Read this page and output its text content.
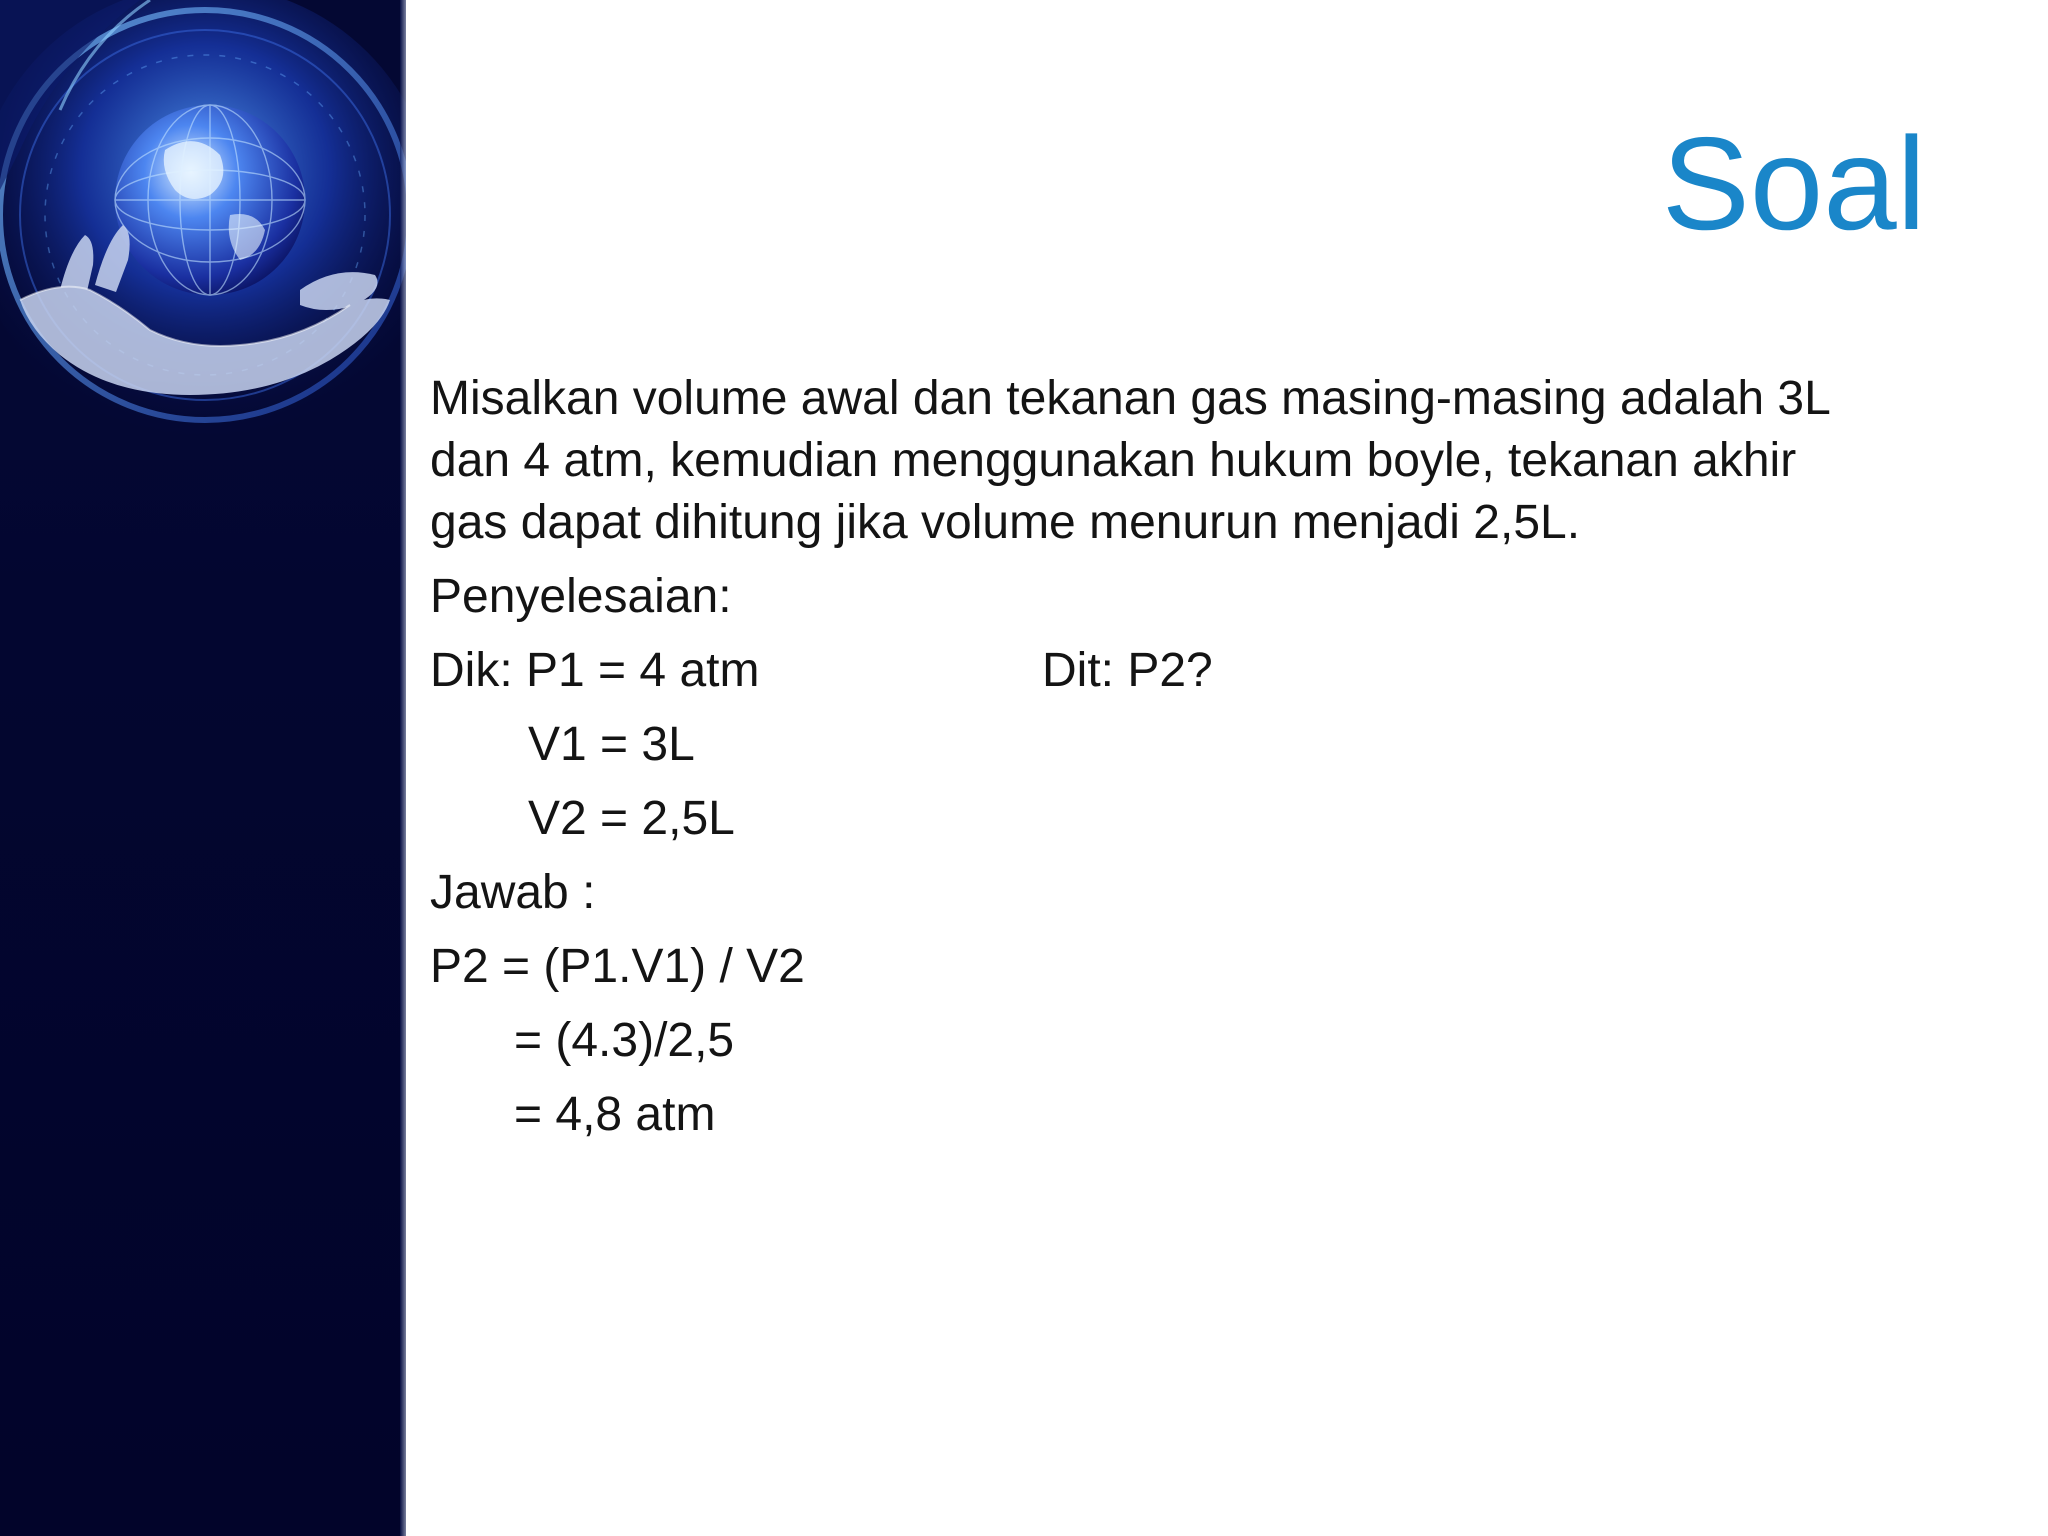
Soal

Misalkan volume awal dan tekanan gas masing-masing adalah 3L

dan 4 atm, kemudian menggunakan hukum boyle, tekanan akhir

gas dapat dihitung jika volume menurun menjadi 2,5L.

Penyelesaian:

Dik: P1 = 4 atm	Dit: P2?
V1 = 3L
V2 = 2,5L
Jawab :
P2 = (P1.V1) / V2
= (4.3)/2,5
= 4,8 atm
